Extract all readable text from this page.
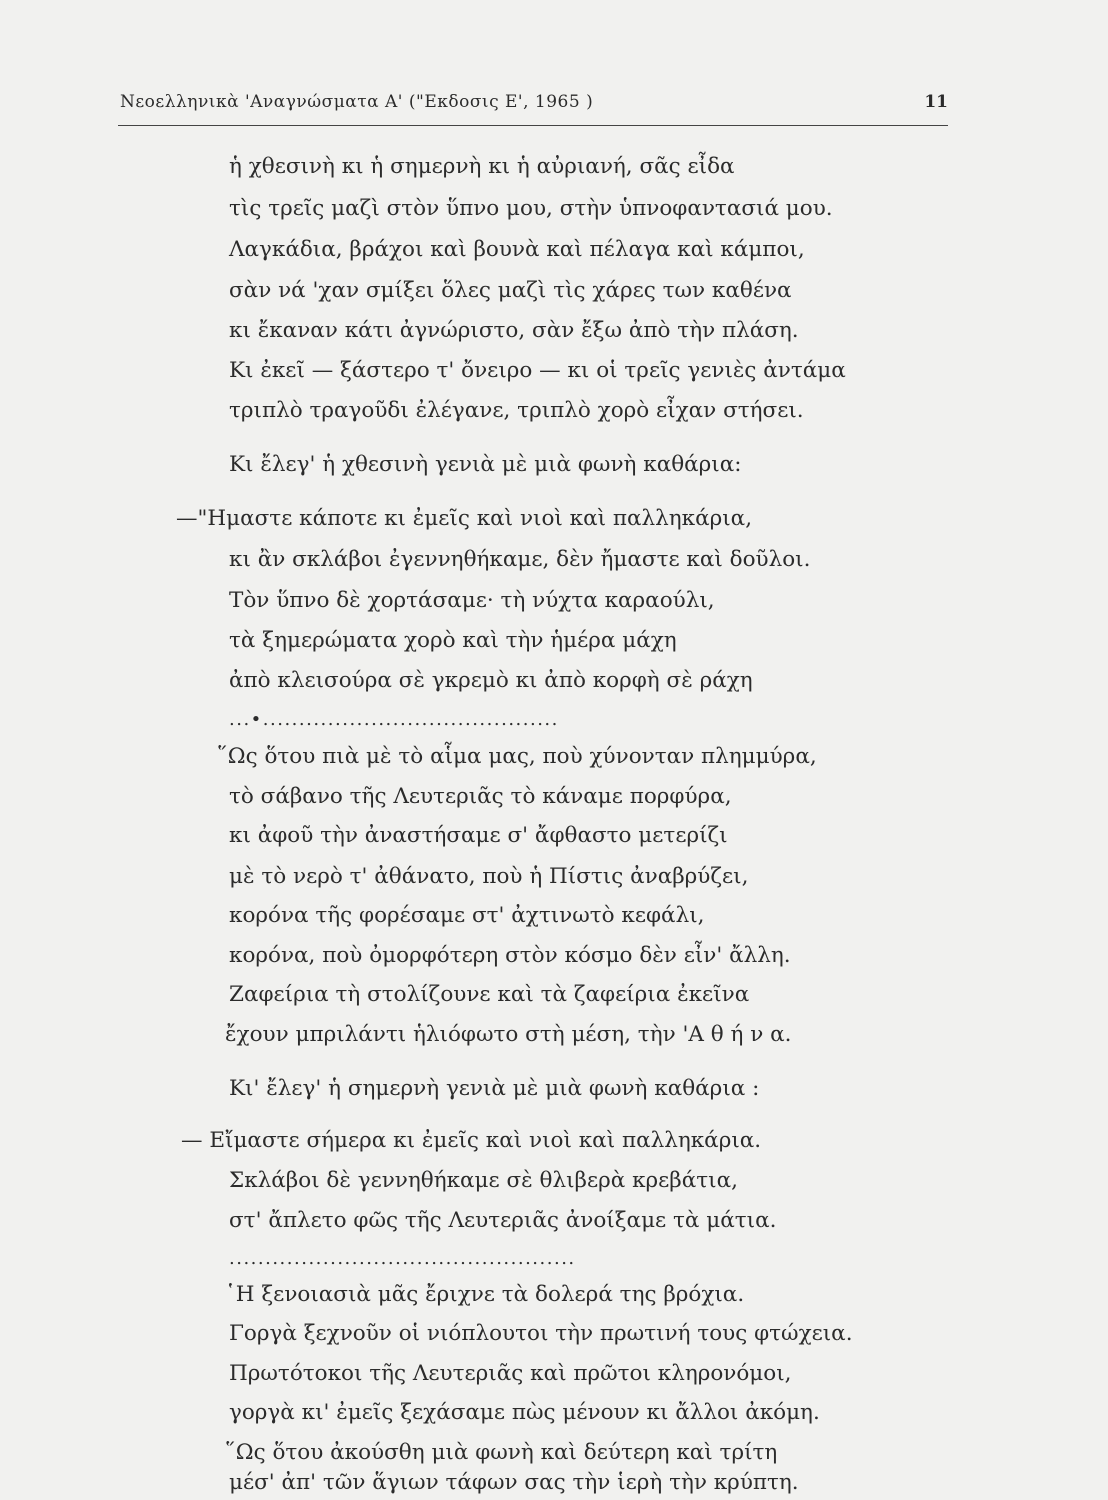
Νεοελληνικὰ 'Αναγνώσματα Α' ("Εκδοσις Ε', 1965 )	11
ἡ χθεσινὴ κι ἡ σημερνὴ κι ἡ αὐριανή, σᾶς εἶδα
τὶς τρεῖς μαζὶ στὸν ὕπνο μου, στὴν ὑπνοφαντασιά μου.
Λαγκάδια, βράχοι καὶ βουνὰ καὶ πέλαγα καὶ κάμποι,
σὰν νά 'χαν σμίξει ὅλες μαζὶ τὶς χάρες των καθένα
κι ἔκαναν κάτι ἀγνώριστο, σὰν ἔξω ἀπὸ τὴν πλάση.
Κι ἐκεῖ — ξάστερο τ' ὄνειρο — κι οἱ τρεῖς γενιὲς ἀντάμα
τριπλὸ τραγοῦδι ἐλέγανε, τριπλὸ χορὸ εἶχαν στήσει.
Κι ἔλεγ' ἡ χθεσινὴ γενιὰ μὲ μιὰ φωνὴ καθάρια:
—"Ημαστε κάποτε κι ἐμεῖς καὶ νιοὶ καὶ παλληκάρια,
κι ἂν σκλάβοι ἐγεννηθήκαμε, δὲν ἤμαστε καὶ δοῦλοι.
Τὸν ὕπνο δὲ χορτάσαμε· τὴ νύχτα καραούλι,
τὰ ξημερώματα χορὸ καὶ τὴν ἡμέρα μάχη
ἀπὸ κλεισούρα σὲ γκρεμὸ κι ἀπὸ κορφὴ σὲ ράχη
...•.........................................
῞Ως ὅτου πιὰ μὲ τὸ αἷμα μας, ποὺ χύνονταν πλημμύρα,
τὸ σάβανο τῆς Λευτεριᾶς τὸ κάναμε πορφύρα,
κι ἀφοῦ τὴν ἀναστήσαμε σ' ἄφθαστο μετερίζι
μὲ τὸ νερὸ τ' ἀθάνατο, ποὺ ἡ Πίστις ἀναβρύζει,
κορόνα τῆς φορέσαμε στ' ἀχτινωτὸ κεφάλι,
κορόνα, ποὺ ὀμορφότερη στὸν κόσμο δὲν εἶν' ἄλλη.
Ζαφείρια τὴ στολίζουνε καὶ τὰ ζαφείρια ἐκεῖνα
ἔχουν μπριλάντι ἡλιόφωτο στὴ μέση, τὴν 'Α θ ή ν α.
Κι' ἔλεγ' ἡ σημερνὴ γενιὰ μὲ μιὰ φωνὴ καθάρια :
— Εἴμαστε σήμερα κι ἐμεῖς καὶ νιοὶ καὶ παλληκάρια.
Σκλάβοι δὲ γεννηθήκαμε σὲ θλιβερὰ κρεβάτια,
στ' ἄπλετο φῶς τῆς Λευτεριᾶς ἀνοίξαμε τὰ μάτια.
................................................
῾Η ξενοιασιὰ μᾶς ἔριχνε τὰ δολερά της βρόχια.
Γοργὰ ξεχνοῦν οἱ νιόπλουτοι τὴν πρωτινή τους φτώχεια.
Πρωτότοκοι τῆς Λευτεριᾶς καὶ πρῶτοι κληρονόμοι,
γοργὰ κι' ἐμεῖς ξεχάσαμε πὼς μένουν κι ἄλλοι ἀκόμη.
῞Ως ὅτου ἀκούσθη μιὰ φωνὴ καὶ δεύτερη καὶ τρίτη
μέσ' ἀπ' τῶν ἅγιων τάφων σας τὴν ἱερὴ τὴν κρύπτη.
